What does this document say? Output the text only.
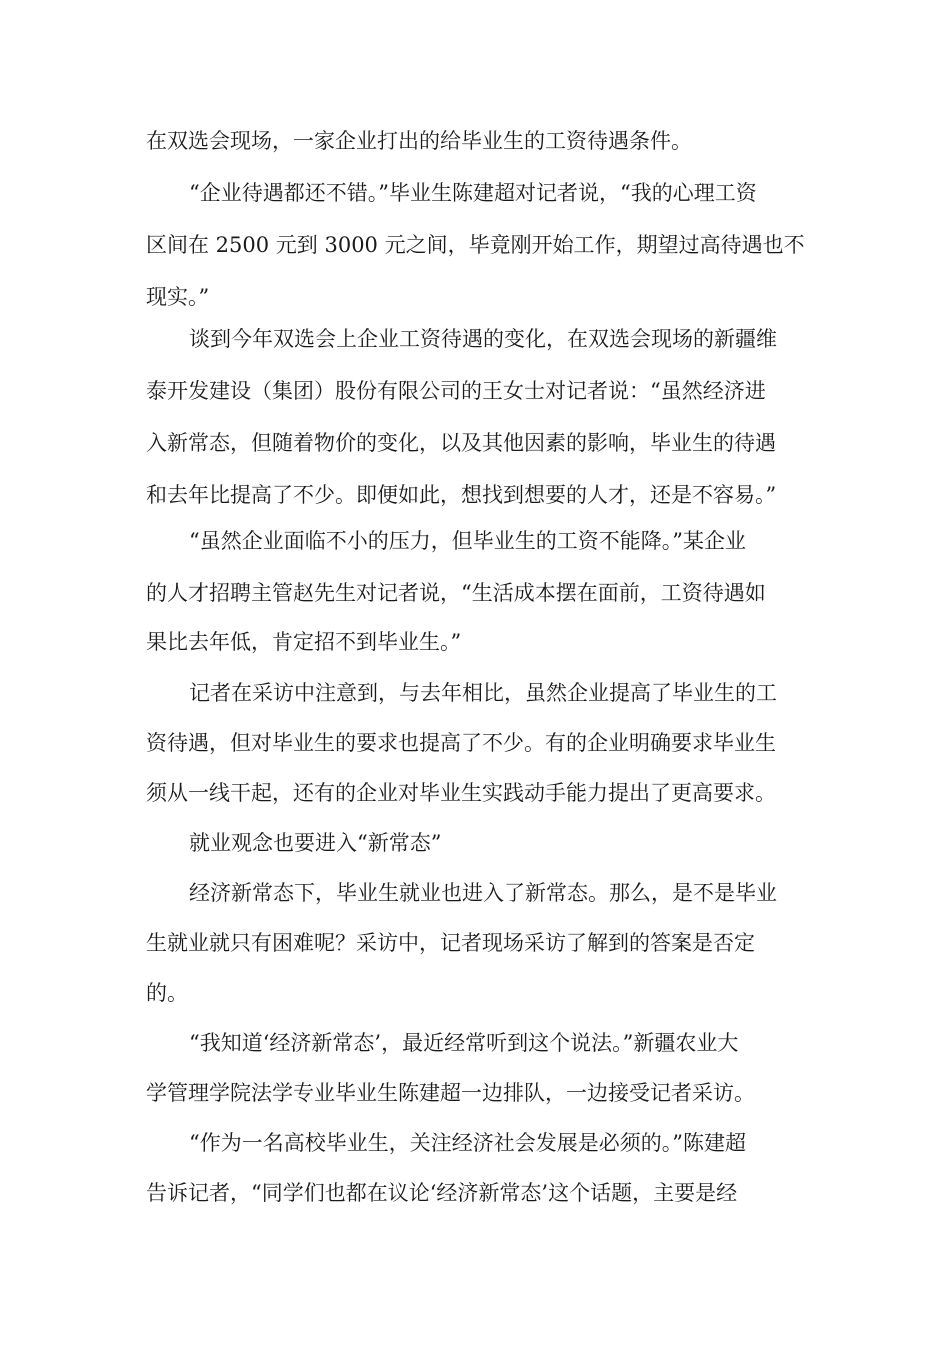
在双选会现场，一家企业打出的给毕业生的工资待遇条件。
“企业待遇都还不错。”毕业生陈建超对记者说，“我的心理工资
区间在 2500 元到 3000 元之间，毕竟刚开始工作，期望过高待遇也不
现实。”
谈到今年双选会上企业工资待遇的变化，在双选会现场的新疆维
泰开发建设（集团）股份有限公司的王女士对记者说：“虽然经济进
入新常态，但随着物价的变化，以及其他因素的影响，毕业生的待遇
和去年比提高了不少。即便如此，想找到想要的人才，还是不容易。”
“虽然企业面临不小的压力，但毕业生的工资不能降。”某企业
的人才招聘主管赵先生对记者说，“生活成本摆在面前，工资待遇如
果比去年低，肯定招不到毕业生。”
记者在采访中注意到，与去年相比，虽然企业提高了毕业生的工
资待遇，但对毕业生的要求也提高了不少。有的企业明确要求毕业生
须从一线干起，还有的企业对毕业生实践动手能力提出了更高要求。
就业观念也要进入“新常态”
经济新常态下，毕业生就业也进入了新常态。那么，是不是毕业
生就业就只有困难呢？采访中，记者现场采访了解到的答案是否定
的。
“我知道‘经济新常态’，最近经常听到这个说法。”新疆农业大
学管理学院法学专业毕业生陈建超一边排队，一边接受记者采访。
“作为一名高校毕业生，关注经济社会发展是必须的。”陈建超
告诉记者，“同学们也都在议论‘经济新常态’这个话题，主要是经
